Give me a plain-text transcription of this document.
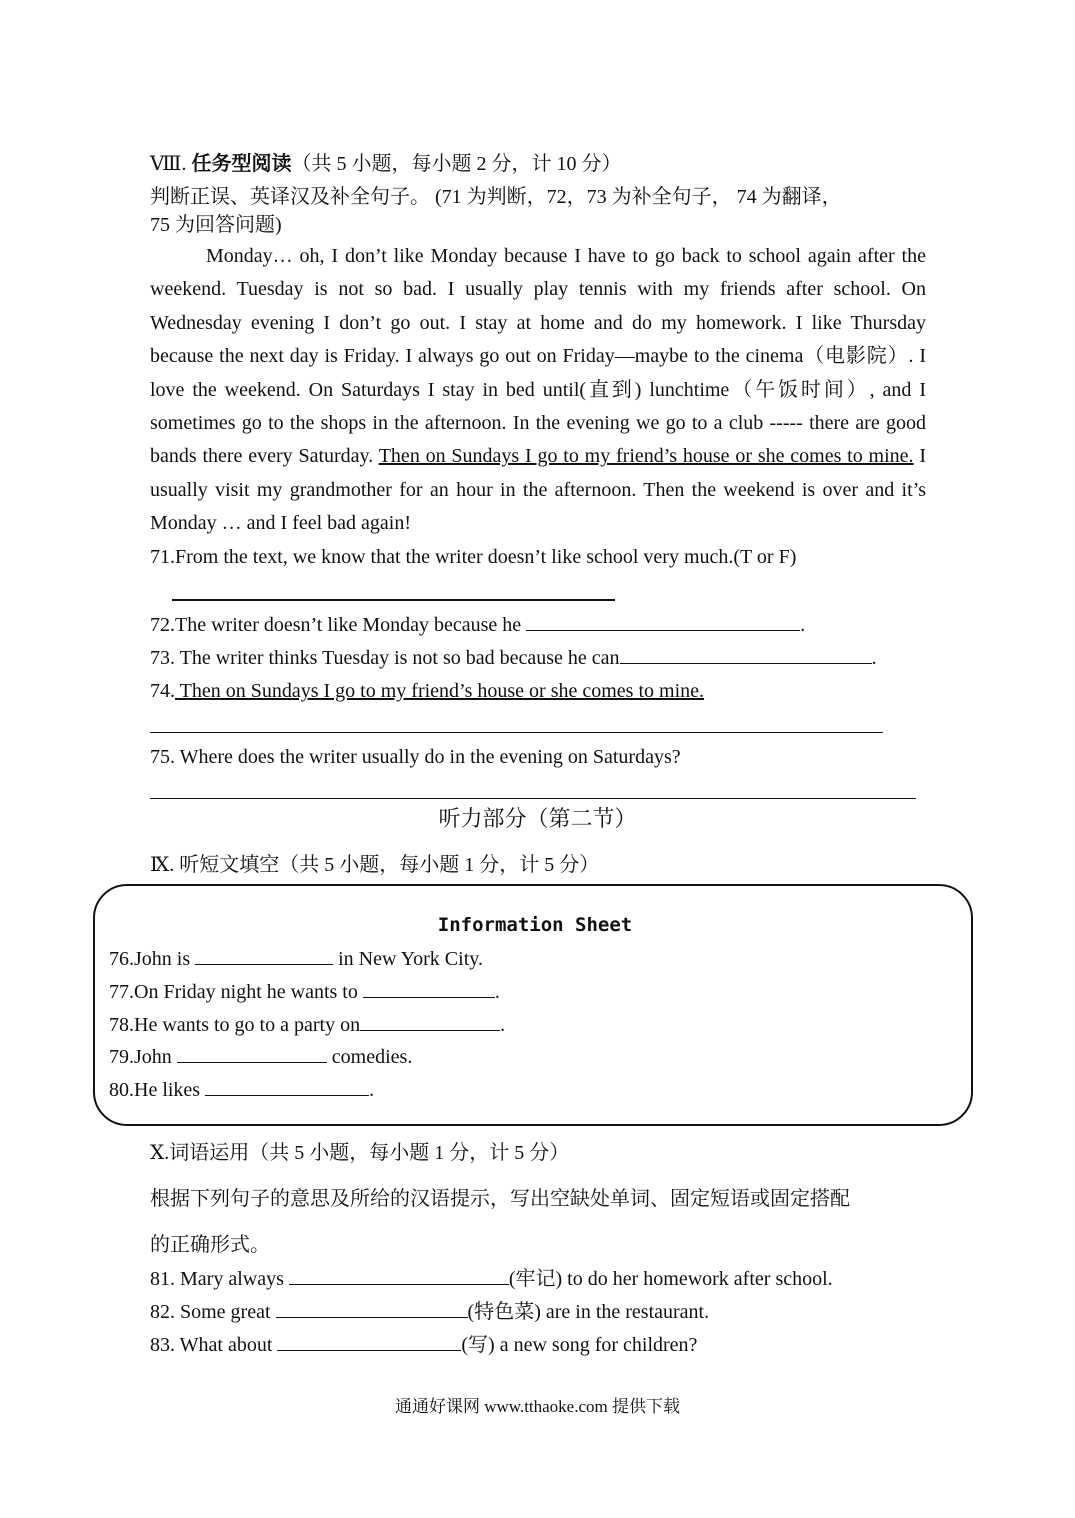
Ⅷ. 任务型阅读（共 5 小题，每小题 2 分，计 10 分）
判断正误、英译汉及补全句子。 (71 为判断，72，73 为补全句子， 74 为翻译，
75 为回答问题)

Monday… oh, I don’t like Monday because I have to go back to school again after the weekend. Tuesday is not so bad. I usually play tennis with my friends after school. On Wednesday evening I don’t go out. I stay at home and do my homework. I like Thursday because the next day is Friday. I always go out on Friday—maybe to the cinema（电影院）. I love the weekend. On Saturdays I stay in bed until(直到) lunchtime（午饭时间）, and I sometimes go to the shops in the afternoon. In the evening we go to a club ----- there are good bands there every Saturday. Then on Sundays I go to my friend’s house or she comes to mine. I usually visit my grandmother for an hour in the afternoon. Then the weekend is over and it’s Monday … and I feel bad again!

71.From the text, we know that the writer doesn’t like school very much.(T or F)
72.The writer doesn’t like Monday because he	.
73. The writer thinks Tuesday is not so bad because he can	.
74. Then on Sundays I go to my friend’s house or she comes to mine.
75. Where does the writer usually do in the evening on Saturdays?
听力部分（第二节）
Ⅸ. 听短文填空（共 5 小题，每小题 1 分，计 5 分）
Information Sheet
76.John is	in New York City.
77.On Friday night he wants to	.
78.He wants to go to a party on	.
79.John	comedies.
80.He likes	.
Ⅹ.词语运用（共 5 小题，每小题 1 分，计 5 分）
根据下列句子的意思及所给的汉语提示，写出空缺处单词、固定短语或固定搭配
的正确形式。
81. Mary always	(牢记) to do her homework after school.
82. Some great	(特色菜) are in the restaurant.
83. What about	(写) a new song for children?
通通好课网 www.tthaoke.com 提供下载
